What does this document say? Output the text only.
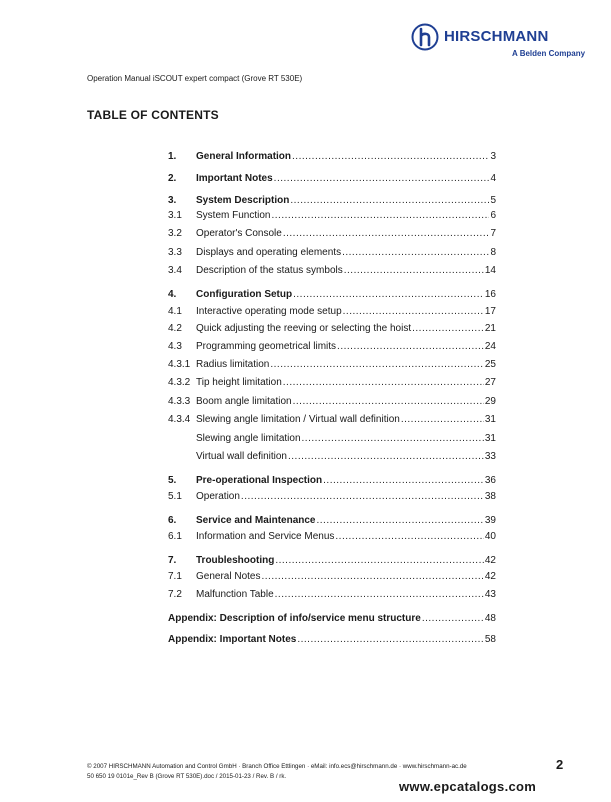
HIRSCHMANN
A Belden Company
Operation Manual iSCOUT expert compact (Grove RT 530E)
TABLE OF CONTENTS
1.	General Information .....	3
2.	Important Notes .....	4
3.	System Description .....	5
3.1	System Function .....	6
3.2	Operator's Console .....	7
3.3	Displays and operating elements .....	8
3.4	Description of the status symbols .....	14
4.	Configuration Setup .....	16
4.1	Interactive operating mode setup .....	17
4.2	Quick adjusting the reeving or selecting the hoist .....	21
4.3	Programming geometrical limits .....	24
4.3.1 Radius limitation .....	25
4.3.2 Tip height limitation .....	27
4.3.3 Boom angle limitation .....	29
4.3.4 Slewing angle limitation / Virtual wall definition .....	31
Slewing angle limitation .....	31
Virtual wall definition .....	33
5.	Pre-operational Inspection .....	36
5.1	Operation .....	38
6.	Service and Maintenance .....	39
6.1	Information and Service Menus .....	40
7.	Troubleshooting .....	42
7.1	General Notes .....	42
7.2	Malfunction Table .....	43
Appendix: Description of info/service menu structure .....	48
Appendix: Important Notes .....	58
© 2007 HIRSCHMANN Automation and Control GmbH · Branch Office Ettlingen · eMail: info.ecs@hirschmann.de · www.hirschmann-ac.de
50 650 19 0101e_Rev B (Grove RT 530E).doc / 2015-01-23 / Rev. B / rk.
2
www.epcatalogs.com
